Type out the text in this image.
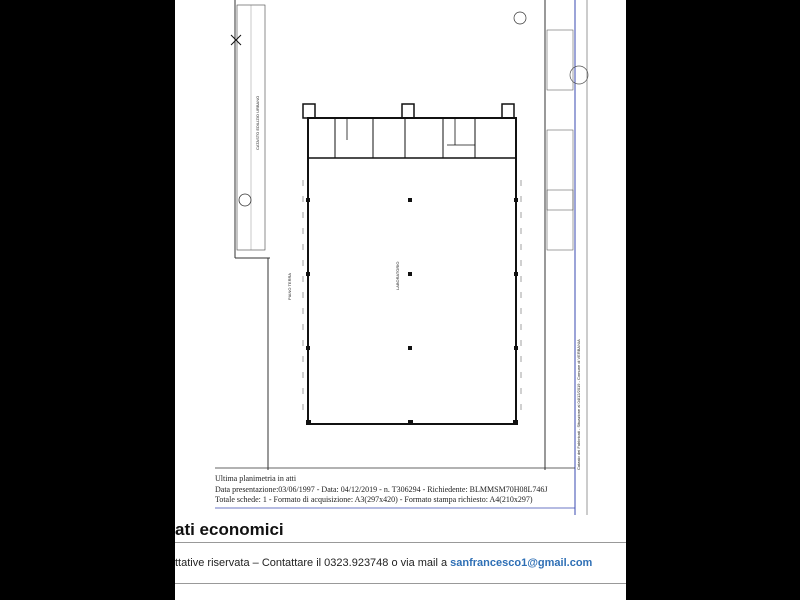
CATASTO EDILIZIO URBANO
Catasto dei Fabbricati - Situazione al 04/12/2019 - Comune di VERBANIA
LABORATORIO
PIANO TERRA
Ultima planimetria in atti
Data presentazione:03/06/1997 - Data: 04/12/2019 - n. T306294 - Richiedente: BLMMSM70H08L746J
Totale schede: 1 - Formato di acquisizione: A3(297x420) - Formato stampa richiesto: A4(210x297)
ati economici
ttative riservata – Contattare il 0323.923748 o via mail a sanfrancesco1@gmail.com
